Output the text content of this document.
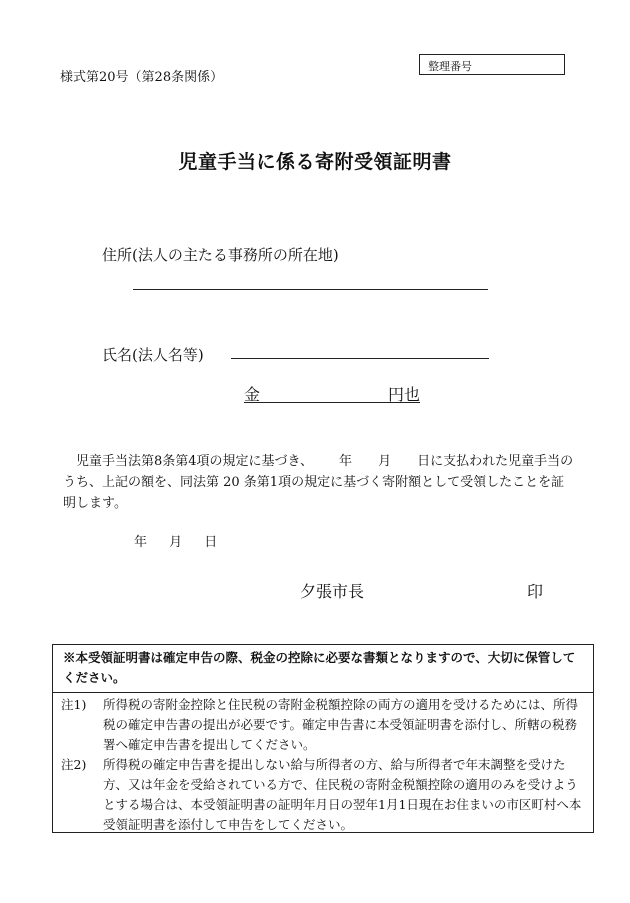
様式第20号（第28条関係）
整理番号
児童手当に係る寄附受領証明書
住所(法人の主たる事務所の所在地)
氏名(法人名等)
金	円也
　児童手当法第8条第4項の規定に基づき、 年 月 日に支払われた児童手当のうち、上記の額を、同法第 20 条第1項の規定に基づく寄附額として受領したことを証明します。
年 月 日
夕張市長	印
※本受領証明書は確定申告の際、税金の控除に必要な書類となりますので、大切に保管してください。
注1)	所得税の寄附金控除と住民税の寄附金税額控除の両方の適用を受けるためには、所得税の確定申告書の提出が必要です。確定申告書に本受領証明書を添付し、所轄の税務署へ確定申告書を提出してください。
注2)	所得税の確定申告書を提出しない給与所得者の方、給与所得者で年末調整を受けた方、又は年金を受給されている方で、住民税の寄附金税額控除の適用のみを受けようとする場合は、本受領証明書の証明年月日の翌年1月1日現在お住まいの市区町村へ本受領証明書を添付して申告をしてください。
